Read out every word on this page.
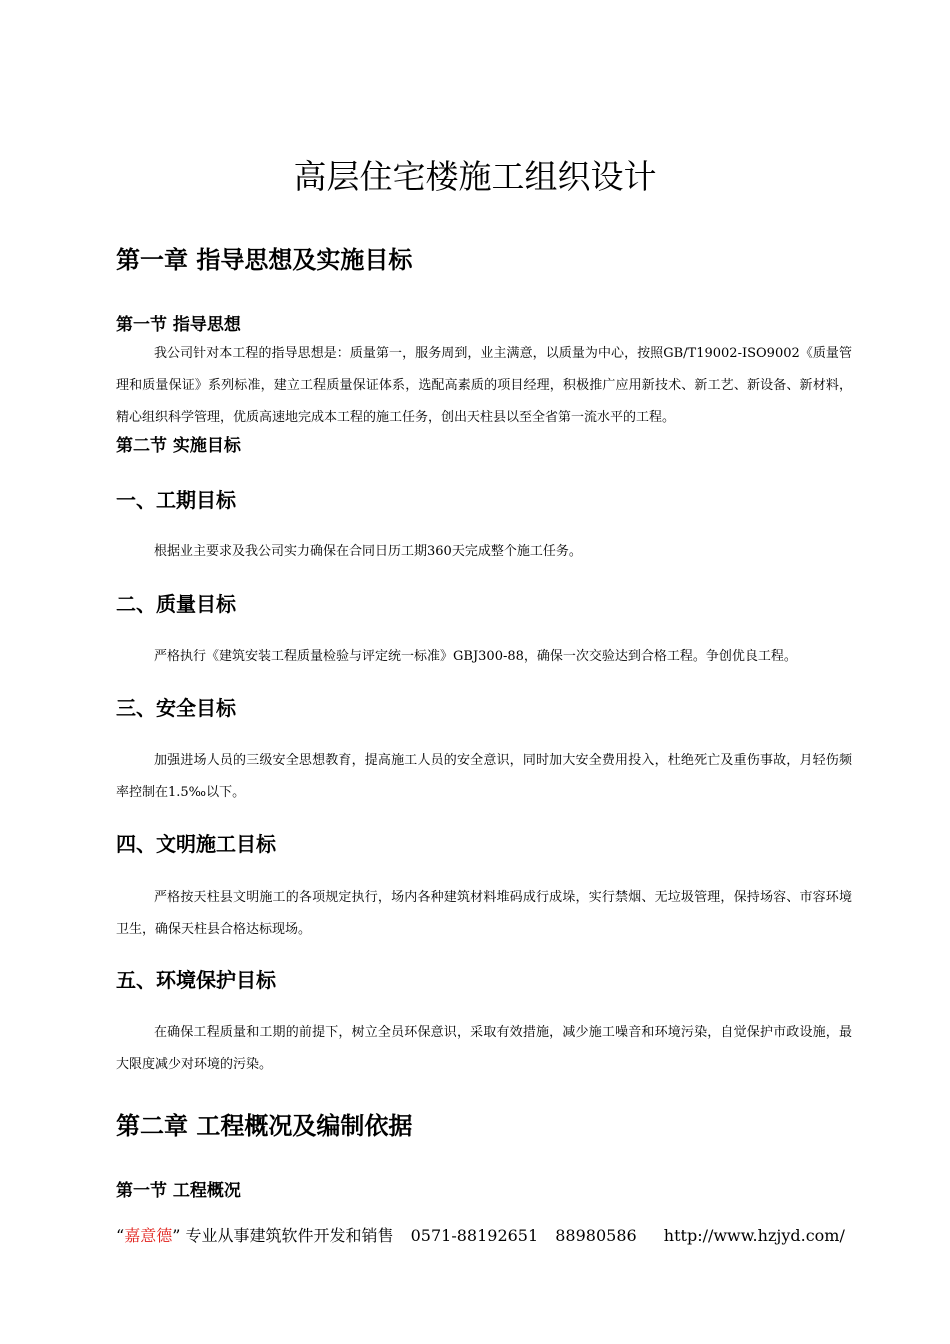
高层住宅楼施工组织设计
第一章 指导思想及实施目标
第一节 指导思想

我公司针对本工程的指导思想是：质量第一，服务周到，业主满意，以质量为中心，按照GB/T19002-ISO9002《质量管理和质量保证》系列标准，建立工程质量保证体系，选配高素质的项目经理，积极推广应用新技术、新工艺、新设备、新材料，精心组织科学管理，优质高速地完成本工程的施工任务，创出天柱县以至全省第一流水平的工程。

第二节 实施目标
一、工期目标

根据业主要求及我公司实力确保在合同日历工期360天完成整个施工任务。

二、质量目标

严格执行《建筑安装工程质量检验与评定统一标准》GBJ300-88，确保一次交验达到合格工程。争创优良工程。

三、安全目标

加强进场人员的三级安全思想教育，提高施工人员的安全意识，同时加大安全费用投入，杜绝死亡及重伤事故，月轻伤频率控制在1.5‰以下。

四、文明施工目标

严格按天柱县文明施工的各项规定执行，场内各种建筑材料堆码成行成垛，实行禁烟、无垃圾管理，保持场容、市容环境卫生，确保天柱县合格达标现场。

五、环境保护目标

在确保工程质量和工期的前提下，树立全员环保意识，采取有效措施，减少施工噪音和环境污染，自觉保护市政设施，最大限度减少对环境的污染。

第二章 工程概况及编制依据
第一节 工程概况
“嘉意德” 专业从事建筑软件开发和销售 0571-88192651 88980586 http://www.hzjyd.com/
